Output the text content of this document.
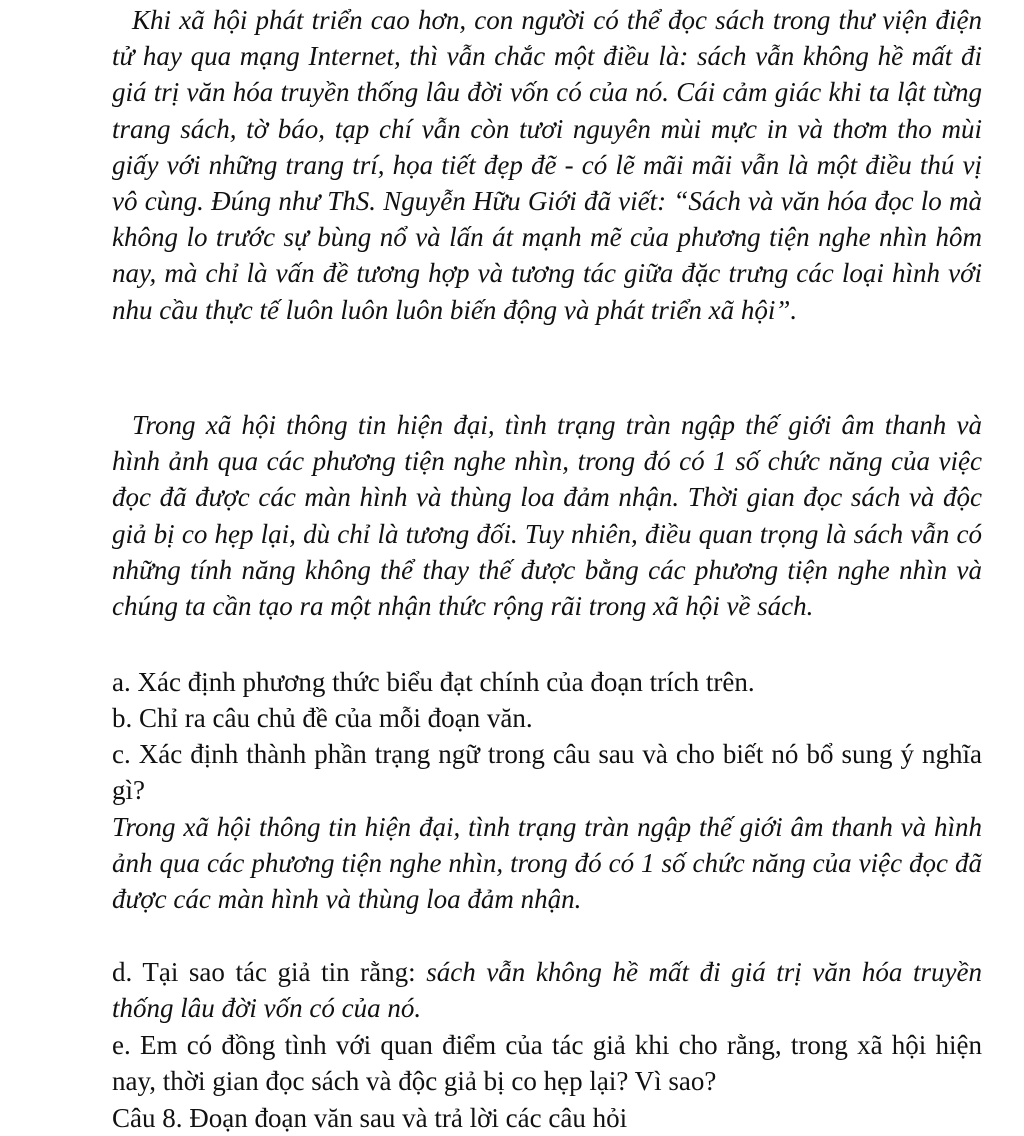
Khi xã hội phát triển cao hơn, con người có thể đọc sách trong thư viện điện tử hay qua mạng Internet, thì vẫn chắc một điều là: sách vẫn không hề mất đi giá trị văn hóa truyền thống lâu đời vốn có của nó. Cái cảm giác khi ta lật từng trang sách, tờ báo, tạp chí vẫn còn tươi nguyên mùi mực in và thơm tho mùi giấy với những trang trí, họa tiết đẹp đẽ - có lẽ mãi mãi vẫn là một điều thú vị vô cùng. Đúng như ThS. Nguyễn Hữu Giới đã viết: “Sách và văn hóa đọc lo mà không lo trước sự bùng nổ và lấn át mạnh mẽ của phương tiện nghe nhìn hôm nay, mà chỉ là vấn đề tương hợp và tương tác giữa đặc trưng các loại hình với nhu cầu thực tế luôn luôn luôn biến động và phát triển xã hội”.

Trong xã hội thông tin hiện đại, tình trạng tràn ngập thế giới âm thanh và hình ảnh qua các phương tiện nghe nhìn, trong đó có 1 số chức năng của việc đọc đã được các màn hình và thùng loa đảm nhận. Thời gian đọc sách và độc giả bị co hẹp lại, dù chỉ là tương đối. Tuy nhiên, điều quan trọng là sách vẫn có những tính năng không thể thay thế được bằng các phương tiện nghe nhìn và chúng ta cần tạo ra một nhận thức rộng rãi trong xã hội về sách.

a. Xác định phương thức biểu đạt chính của đoạn trích trên.

b. Chỉ ra câu chủ đề của mỗi đoạn văn.

c. Xác định thành phần trạng ngữ trong câu sau và cho biết nó bổ sung ý nghĩa gì?

Trong xã hội thông tin hiện đại, tình trạng tràn ngập thế giới âm thanh và hình ảnh qua các phương tiện nghe nhìn, trong đó có 1 số chức năng của việc đọc đã được các màn hình và thùng loa đảm nhận.

d. Tại sao tác giả tin rằng: sách vẫn không hề mất đi giá trị văn hóa truyền thống lâu đời vốn có của nó.

e. Em có đồng tình với quan điểm của tác giả khi cho rằng, trong xã hội hiện nay, thời gian đọc sách và độc giả bị co hẹp lại? Vì sao?

Câu 8. Đoạn đoạn văn sau và trả lời các câu hỏi
